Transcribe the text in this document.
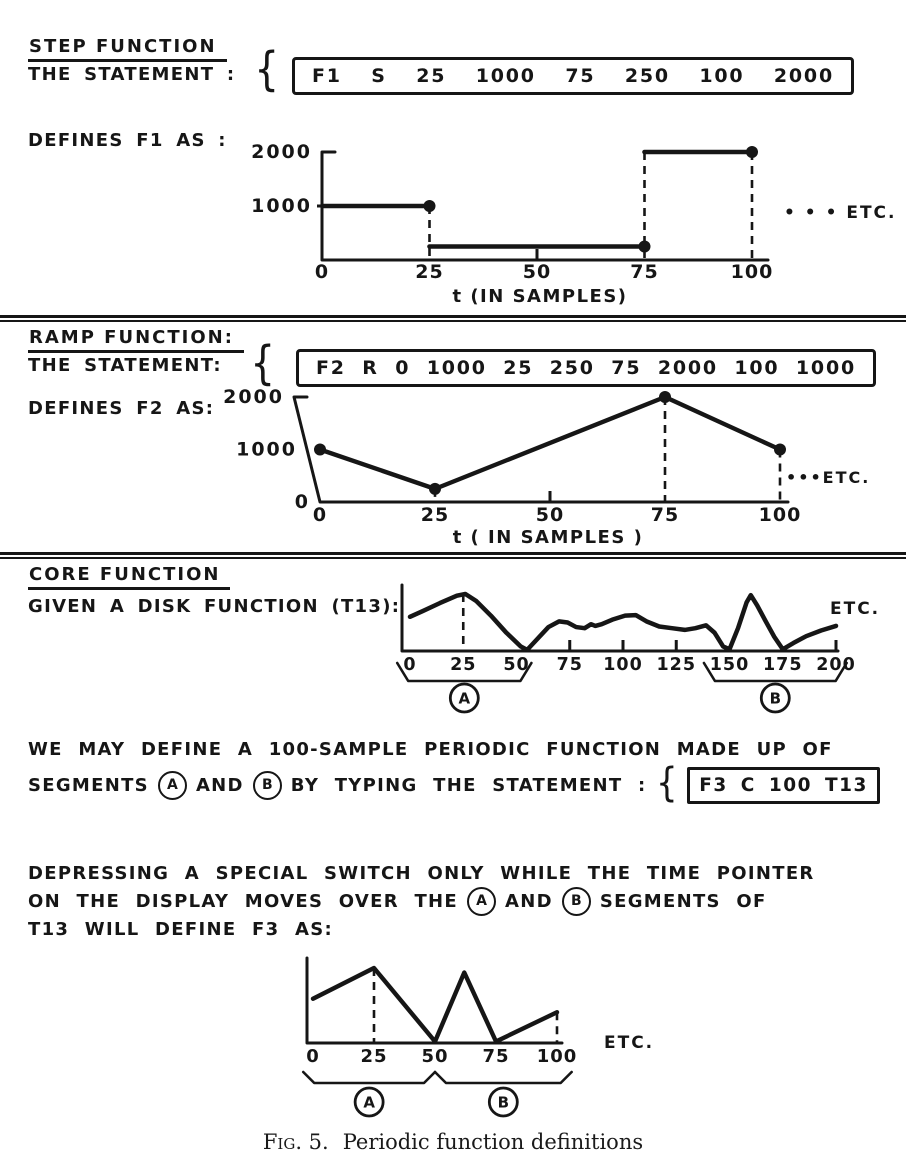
STEP FUNCTION
THE STATEMENT : { F1 S 25 1000 75 250 100 2000
DEFINES F1 AS :
0	25	50	75	100
2000
1000	• • • ETC.
t (IN SAMPLES)
RAMP FUNCTION:
THE STATEMENT: { F2 R 0 1000 25 250 75 2000 100 1000
DEFINES F2 AS:
0	25	50	75	100
2000
1000
0
•••ETC.
t ( IN SAMPLES )
CORE FUNCTION
GIVEN A DISK FUNCTION (T13):
0 25 50 75 100 125 150 175 200
A	B
ETC.
WE MAY DEFINE A 100-SAMPLE PERIODIC FUNCTION MADE UP OF
SEGMENTS	A	AND	B	BY TYPING THE STATEMENT : { F3 C 100 T13
DEPRESSING A SPECIAL SWITCH ONLY WHILE THE TIME POINTER
ON THE DISPLAY MOVES OVER THE	A	AND	B	SEGMENTS OF
T13 WILL DEFINE F3 AS:
0 25 50 75 100
A	B
ETC.
Fig. 5. Periodic function definitions
